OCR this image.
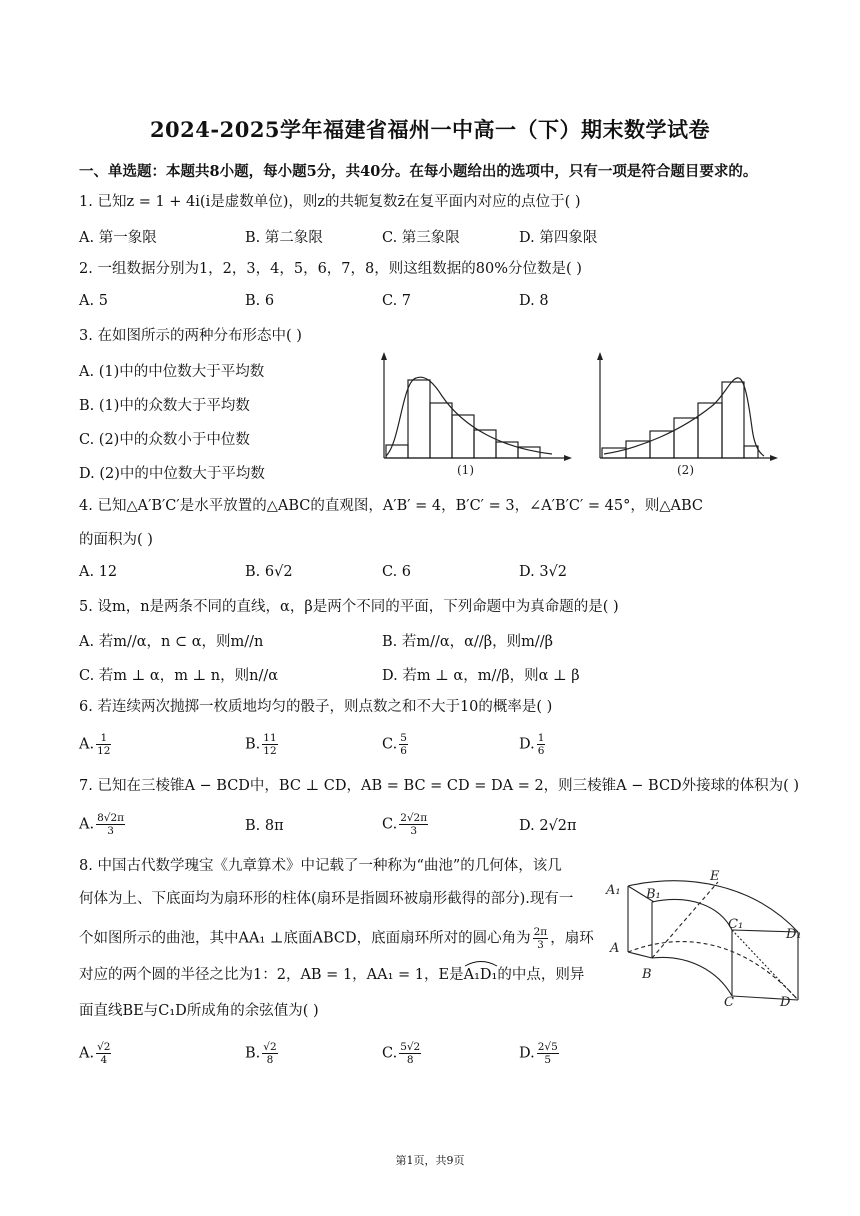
2024-2025学年福建省福州一中高一（下）期末数学试卷
一、单选题：本题共8小题，每小题5分，共40分。在每小题给出的选项中，只有一项是符合题目要求的。
1. 已知z = 1 + 4i(i是虚数单位)，则z的共轭复数z̄在复平面内对应的点位于( )
A. 第一象限	B. 第二象限	C. 第三象限	D. 第四象限
2. 一组数据分别为1，2，3，4，5，6，7，8，则这组数据的80%分位数是( )
A. 5	B. 6	C. 7	D. 8
3. 在如图所示的两种分布形态中( )
A. (1)中的中位数大于平均数
B. (1)中的众数大于平均数
C. (2)中的众数小于中位数
D. (2)中的中位数大于平均数	(1)	(2)
4. 已知△A′B′C′是水平放置的△ABC的直观图，A′B′ = 4，B′C′ = 3，∠A′B′C′ = 45°，则△ABC
的面积为( )
A. 12	B. 6√2	C. 6	D. 3√2
5. 设m，n是两条不同的直线，α，β是两个不同的平面，下列命题中为真命题的是( )
A. 若m//α，n ⊂ α，则m//n	B. 若m//α，α//β，则m//β
C. 若m ⊥ α，m ⊥ n，则n//α	D. 若m ⊥ α，m//β，则α ⊥ β
6. 若连续两次抛掷一枚质地均匀的骰子，则点数之和不大于10的概率是( )
A. $\frac{1}{12}$	B. $\frac{11}{12}$	C. $\frac{5}{6}$	D. $\frac{1}{6}$
7. 已知在三棱锥A − BCD中，BC ⊥ CD，AB = BC = CD = DA = 2，则三棱锥A − BCD外接球的体积为( )
A. $\frac{8√2\pi}{3}$	B. 8π	C. $\frac{2√2\pi}{3}$	D. 2√2π
8. 中国古代数学瑰宝《九章算术》中记载了一种称为“曲池”的几何体，该几
何体为上、下底面均为扇环形的柱体(扇环是指圆环被扇形截得的部分).现有一
个如图所示的曲池，其中AA₁ ⊥底面ABCD，底面扇环所对的圆心角为 $\frac{2\pi}{3}$ ，扇环
对应的两个圆的半径之比为1：2，AB = 1，AA₁ = 1，E是
A₁D₁的中点，则异
面直线BE与C₁D所成角的余弦值为( )
A₁ B₁
E
C₁
D₁
A
B
C	D
A. $\frac{√2}{4}$	B. $\frac{√2}{8}$	C. $\frac{5√2}{8}$	D. $\frac{2√5}{5}$
第1页，共9页
